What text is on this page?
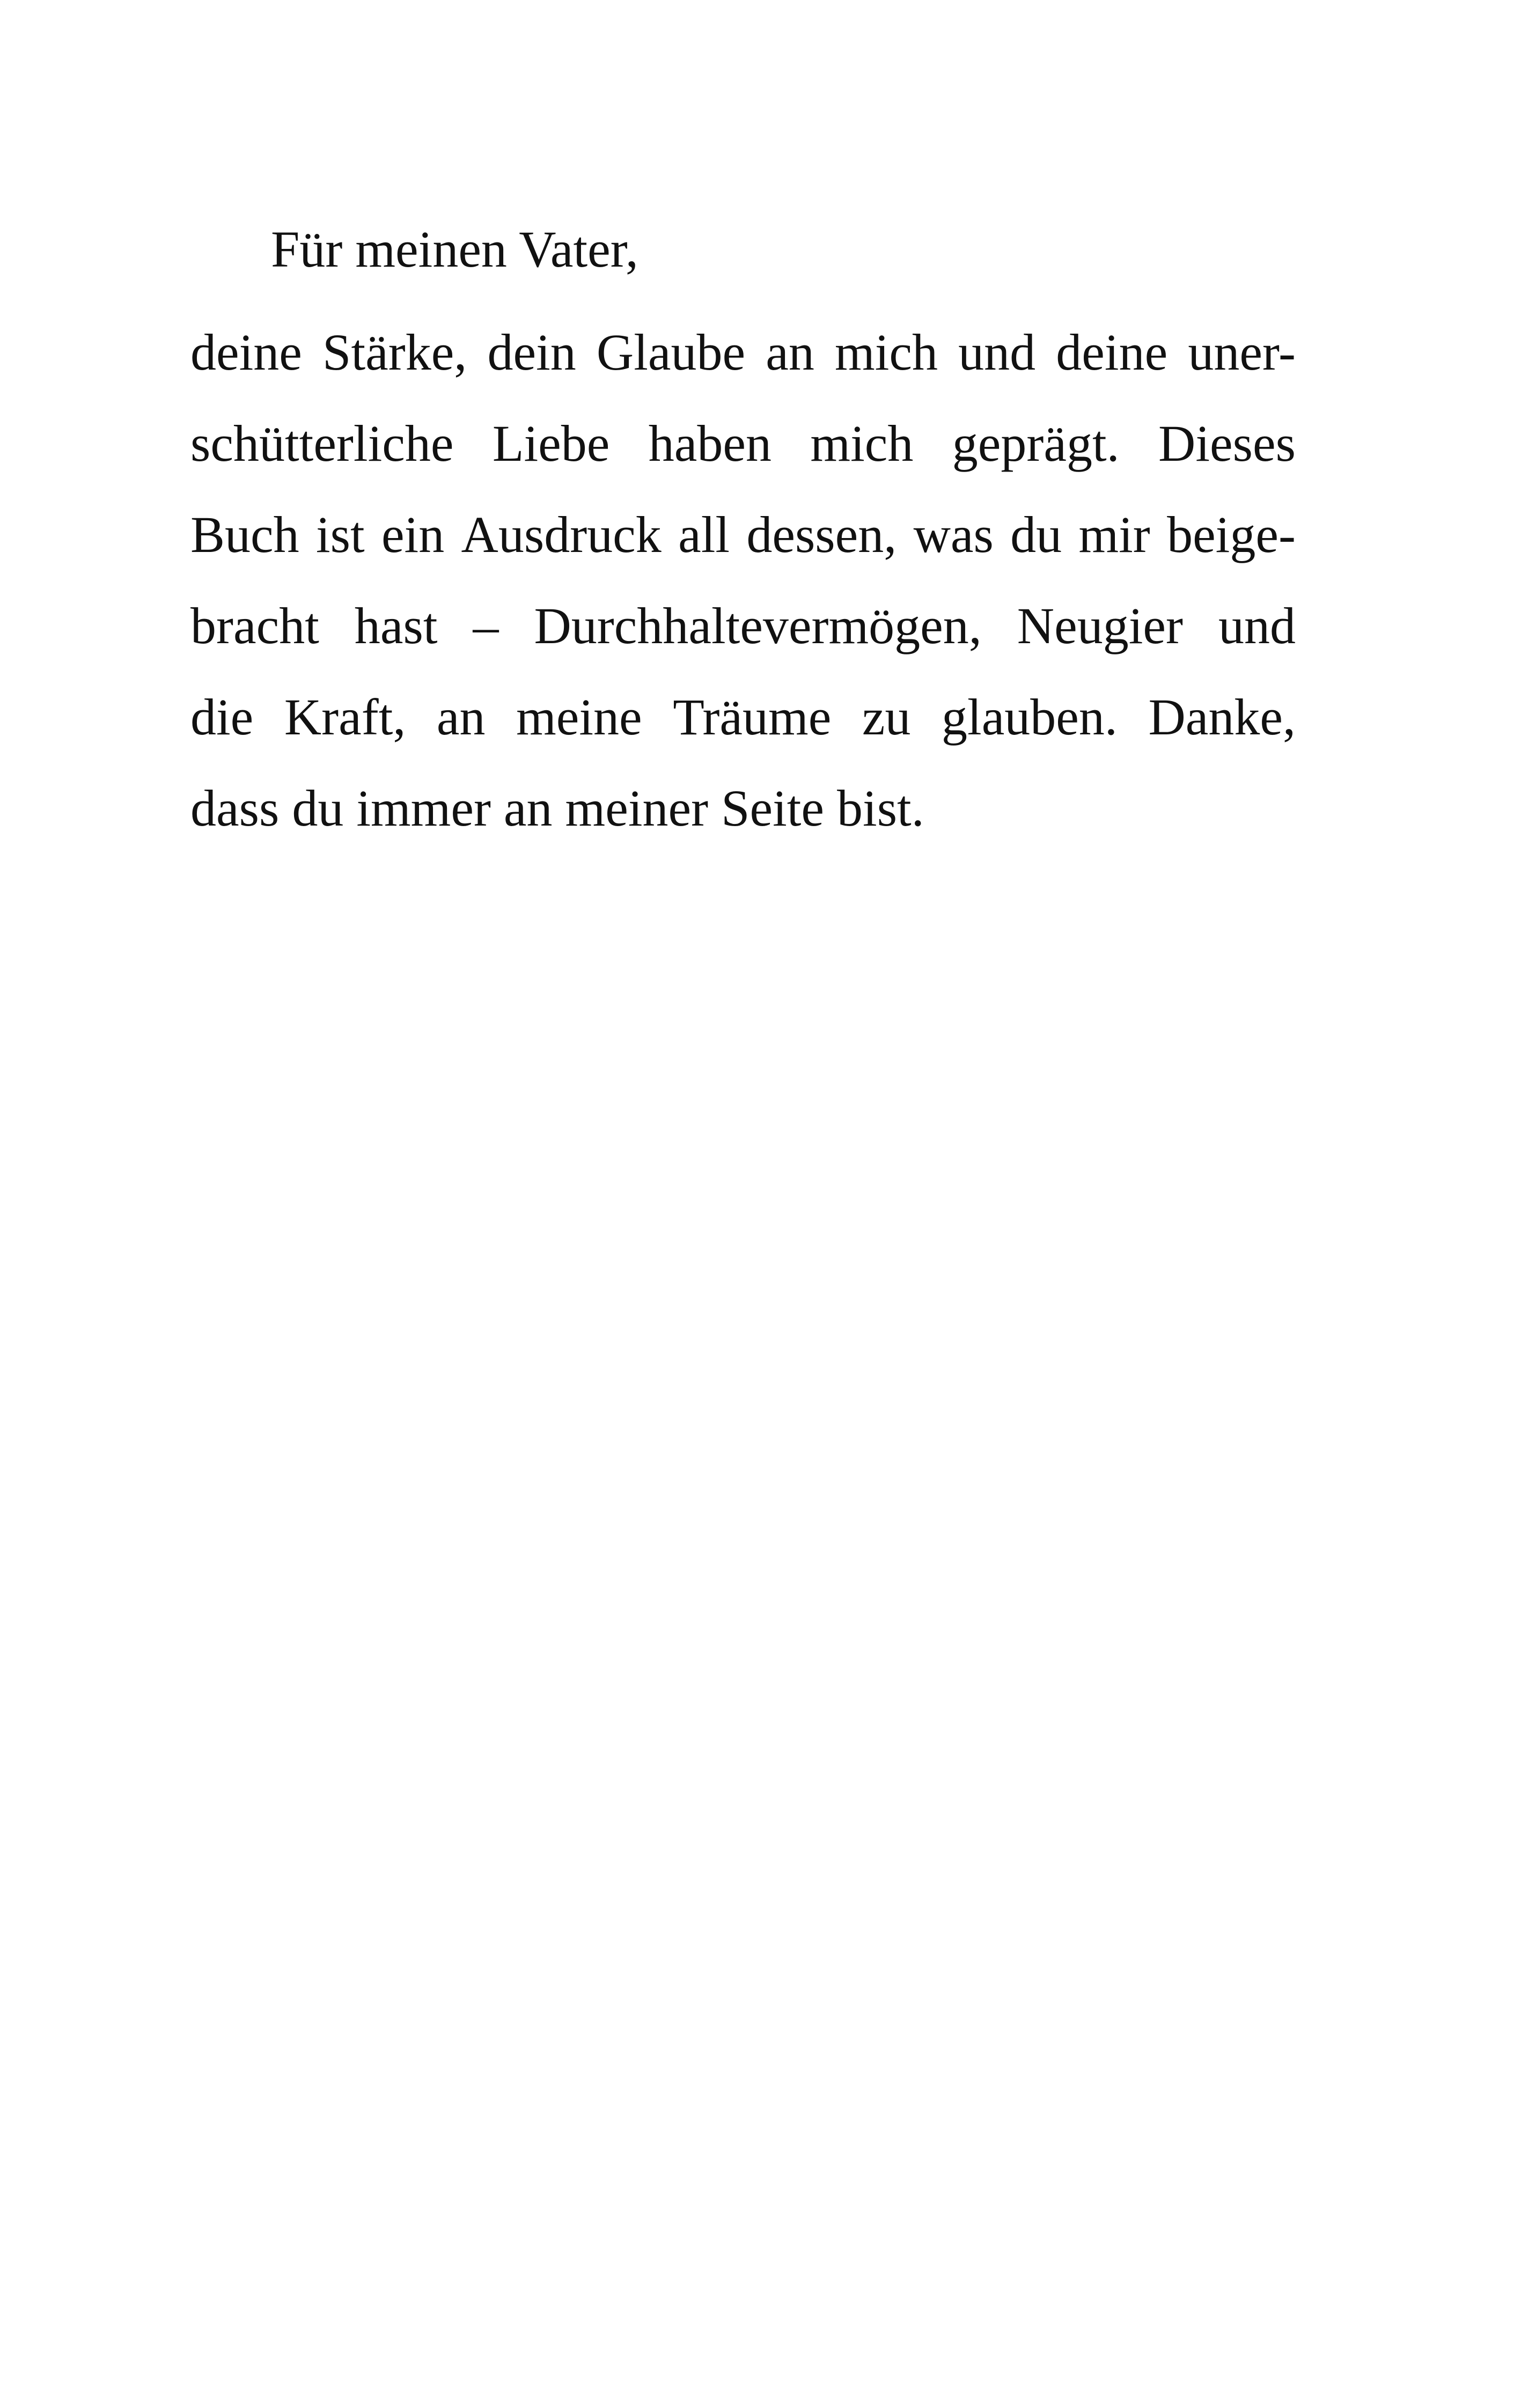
Für meinen Vater,

deine Stärke, dein Glaube an mich und deine uner-

schütterliche Liebe haben mich geprägt. Dieses

Buch ist ein Ausdruck all dessen, was du mir beige-

bracht hast – Durchhaltevermögen, Neugier und

die Kraft, an meine Träume zu glauben. Danke,

dass du immer an meiner Seite bist.
